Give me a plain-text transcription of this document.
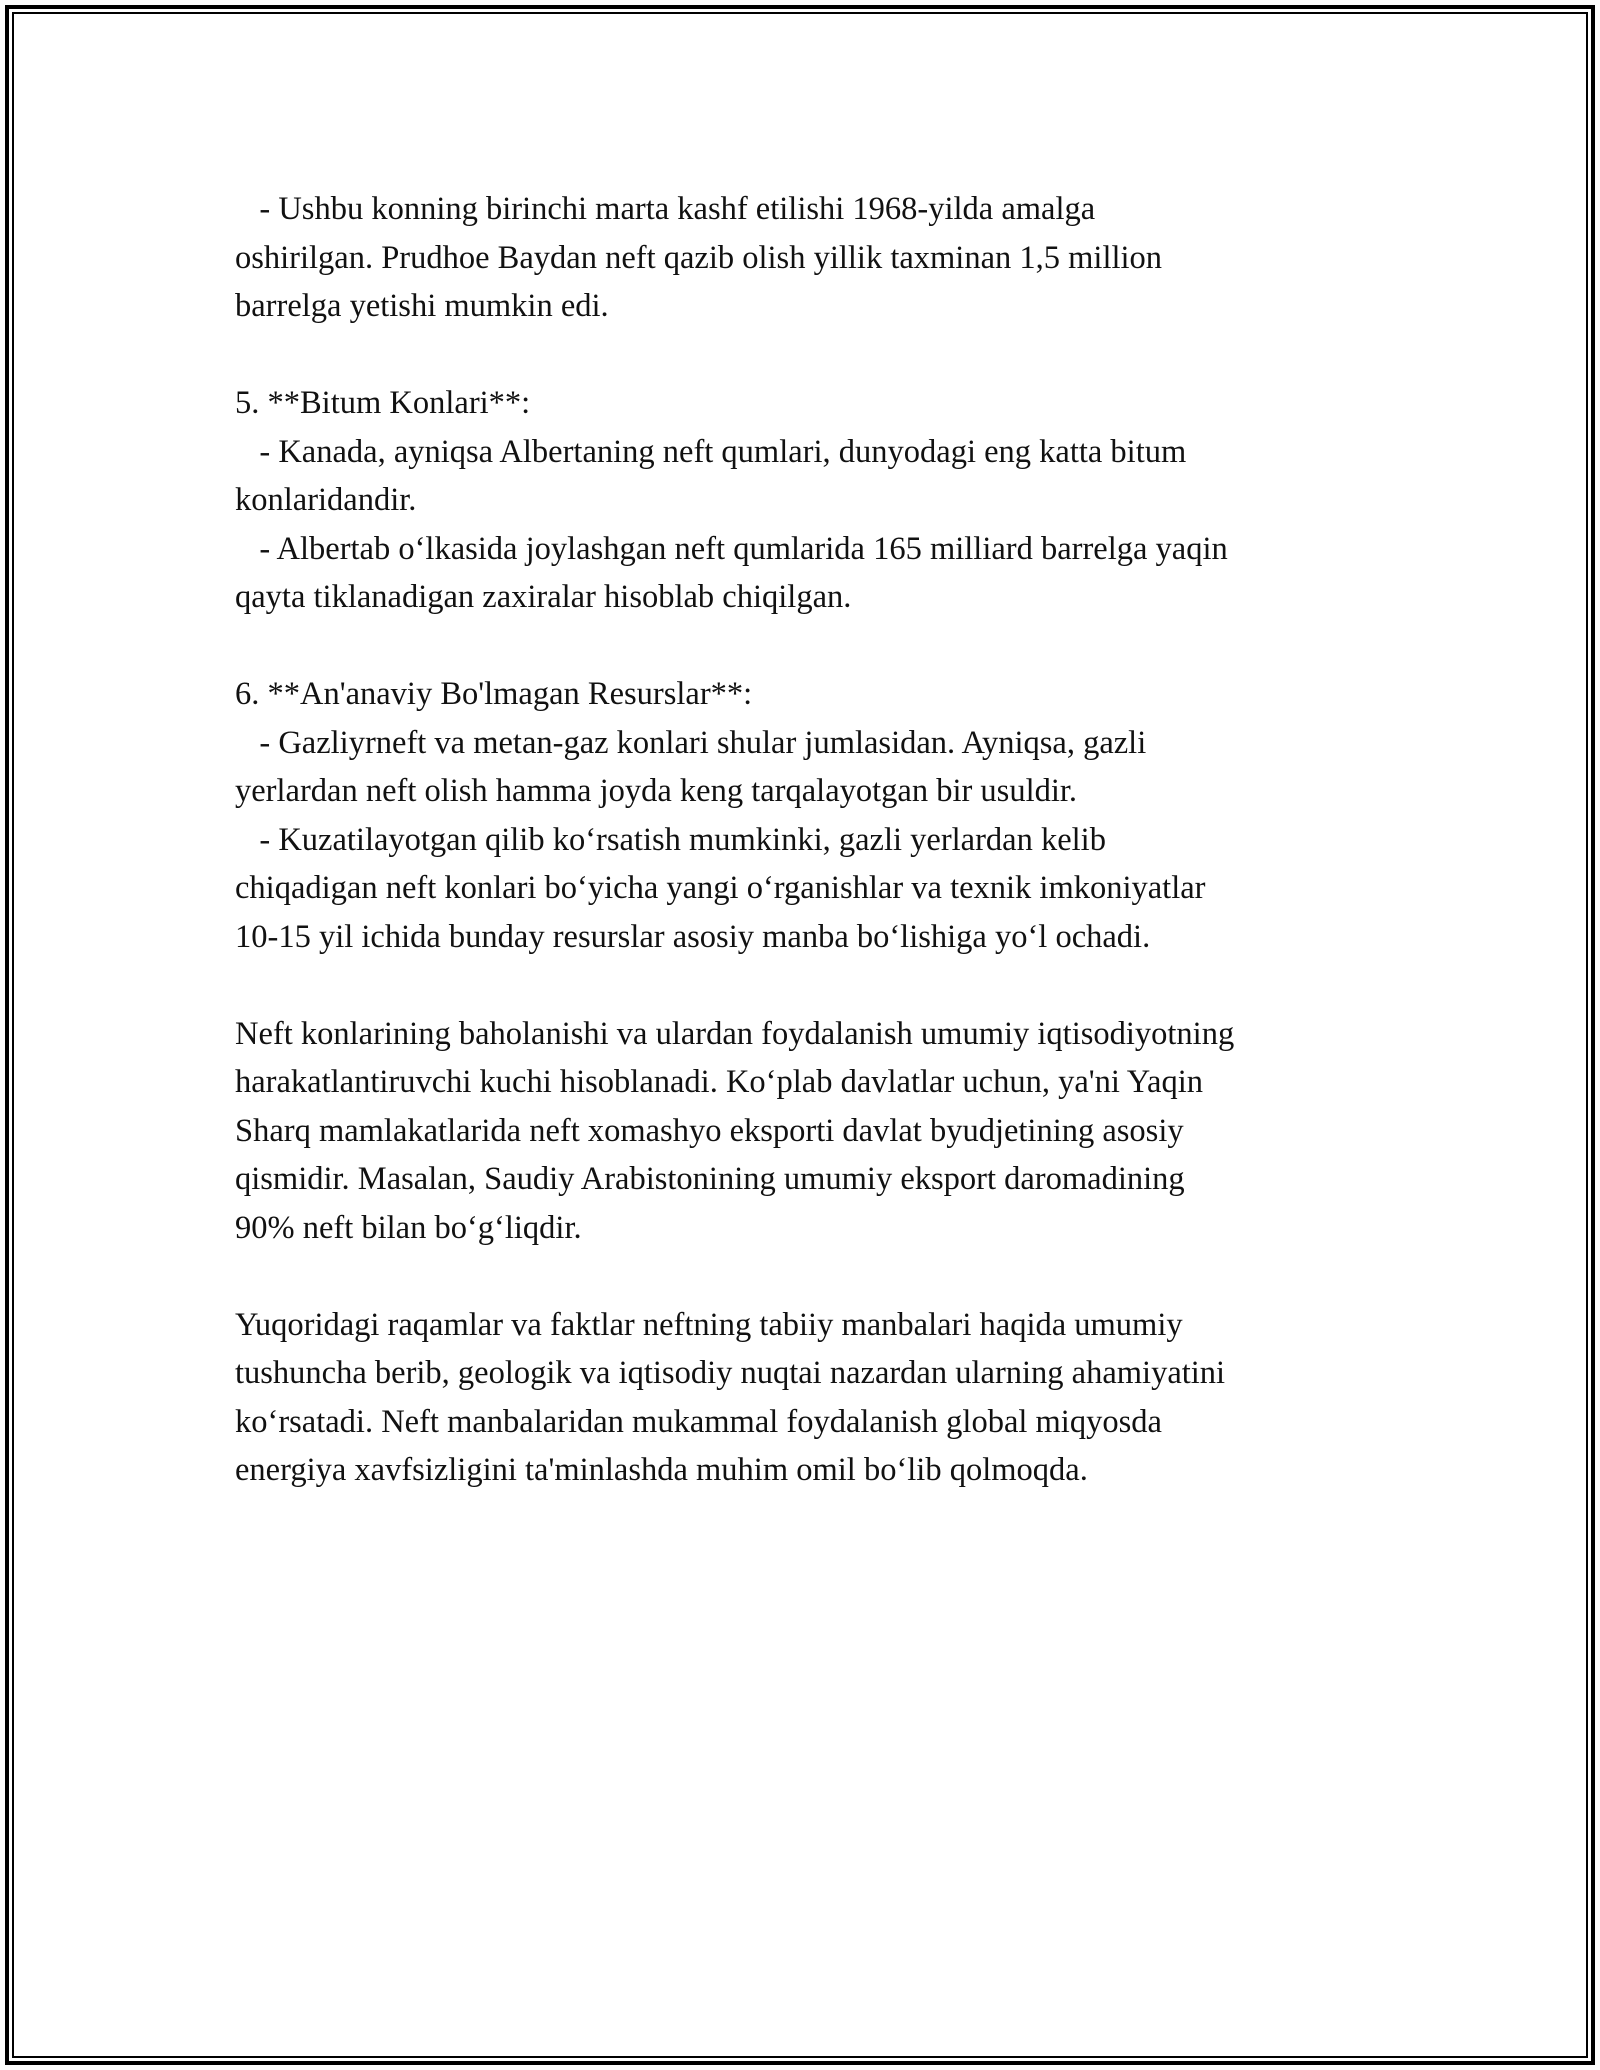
- Ushbu konning birinchi marta kashf etilishi 1968-yilda amalga
oshirilgan. Prudhoe Baydan neft qazib olish yillik taxminan 1,5 million
barrelga yetishi mumkin edi.
5. **Bitum Konlari**:
- Kanada, ayniqsa Albertaning neft qumlari, dunyodagi eng katta bitum
konlaridandir.
- Albertab o‘lkasida joylashgan neft qumlarida 165 milliard barrelga yaqin
qayta tiklanadigan zaxiralar hisoblab chiqilgan.
6. **An'anaviy Bo'lmagan Resurslar**:
- Gazliyrneft va metan-gaz konlari shular jumlasidan. Ayniqsa, gazli
yerlardan neft olish hamma joyda keng tarqalayotgan bir usuldir.
- Kuzatilayotgan qilib ko‘rsatish mumkinki, gazli yerlardan kelib
chiqadigan neft konlari bo‘yicha yangi o‘rganishlar va texnik imkoniyatlar
10-15 yil ichida bunday resurslar asosiy manba bo‘lishiga yo‘l ochadi.
Neft konlarining baholanishi va ulardan foydalanish umumiy iqtisodiyotning
harakatlantiruvchi kuchi hisoblanadi. Ko‘plab davlatlar uchun, ya'ni Yaqin
Sharq mamlakatlarida neft xomashyo eksporti davlat byudjetining asosiy
qismidir. Masalan, Saudiy Arabistonining umumiy eksport daromadining
90% neft bilan bo‘g‘liqdir.
Yuqoridagi raqamlar va faktlar neftning tabiiy manbalari haqida umumiy
tushuncha berib, geologik va iqtisodiy nuqtai nazardan ularning ahamiyatini
ko‘rsatadi. Neft manbalaridan mukammal foydalanish global miqyosda
energiya xavfsizligini ta'minlashda muhim omil bo‘lib qolmoqda.
